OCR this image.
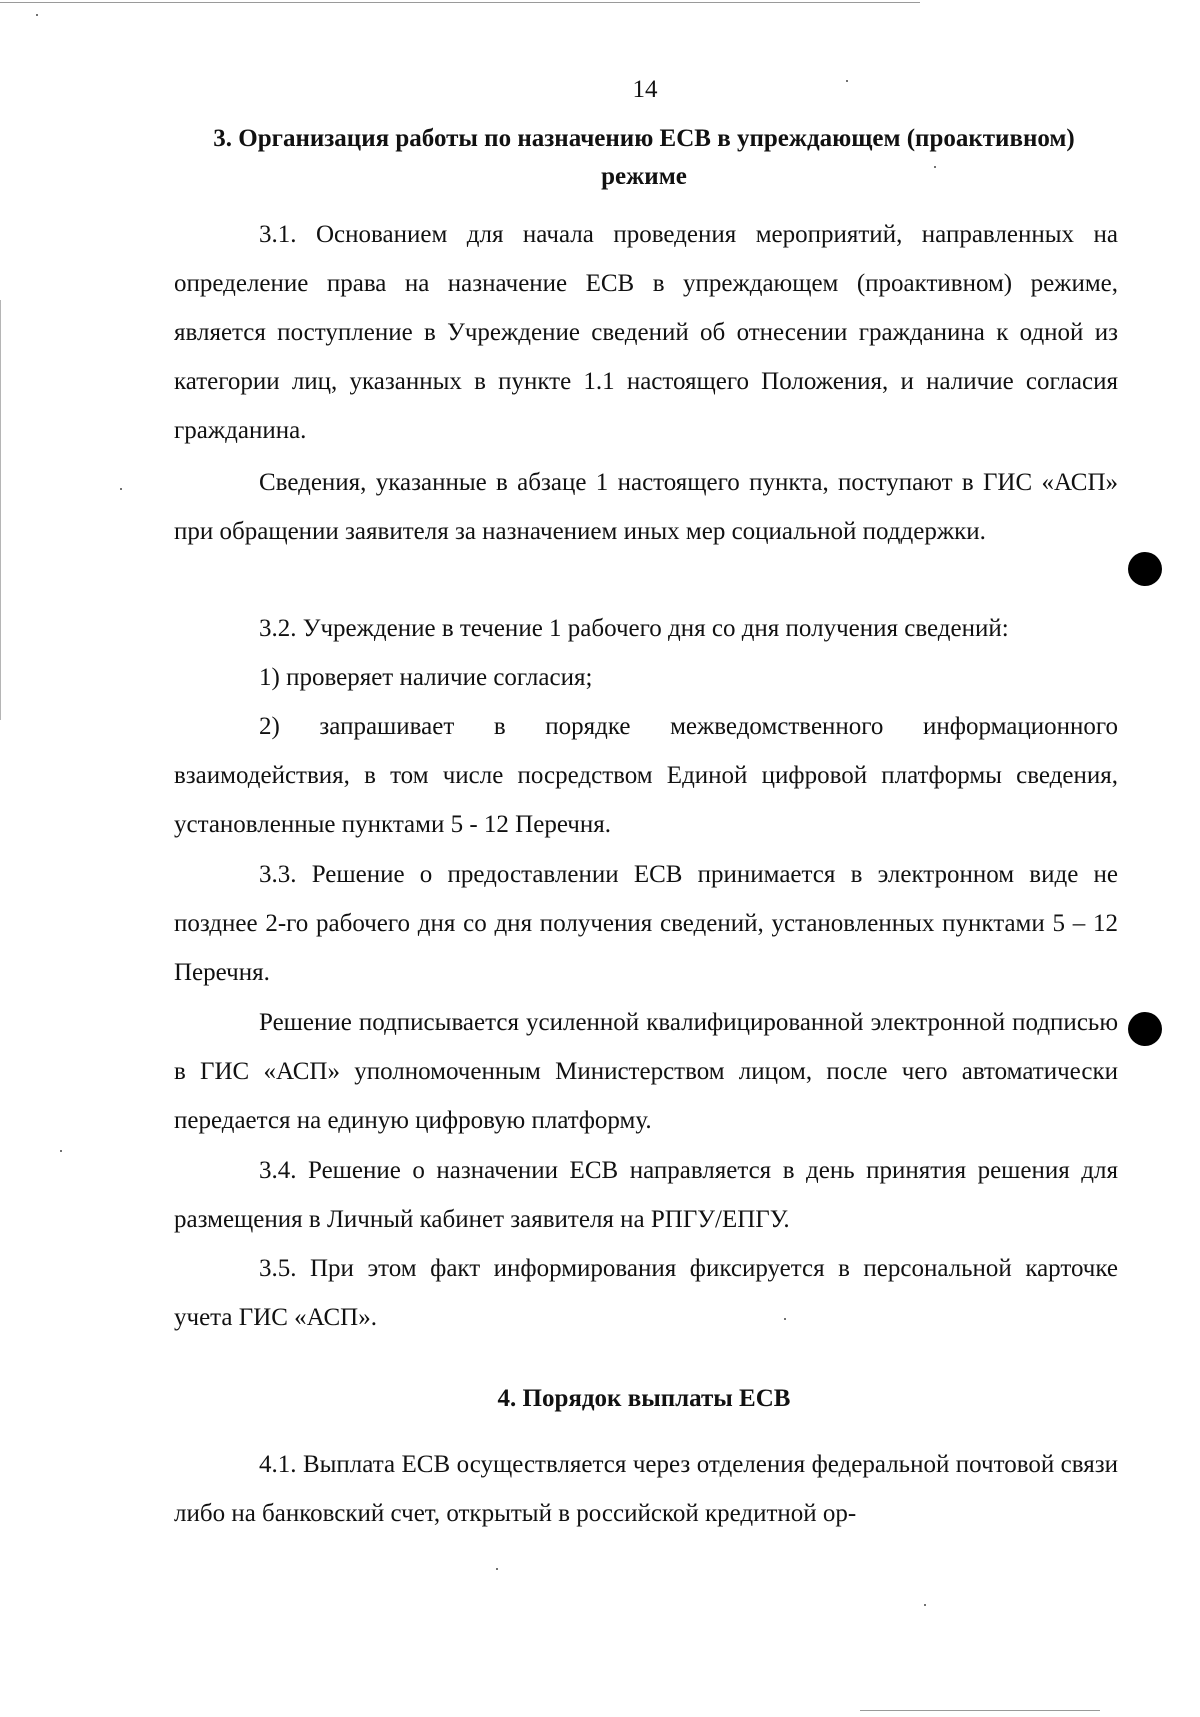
14
3. Организация работы по назначению ЕСВ в упреждающем (проактивном) режиме

3.1. Основанием для начала проведения мероприятий, направленных на определение права на назначение ЕСВ в упреждающем (проактивном) режиме, является поступление в Учреждение сведений об отнесении гражданина к одной из категории лиц, указанных в пункте 1.1 настоящего Положения, и наличие согласия гражданина.

Сведения, указанные в абзаце 1 настоящего пункта, поступают в ГИС «АСП» при обращении заявителя за назначением иных мер социальной поддержки.

3.2. Учреждение в течение 1 рабочего дня со дня получения сведений:

1) проверяет наличие согласия;

2) запрашивает в порядке межведомственного информационного взаимодействия, в том числе посредством Единой цифровой платформы сведения, установленные пунктами 5 - 12 Перечня.

3.3. Решение о предоставлении ЕСВ принимается в электронном виде не позднее 2-го рабочего дня со дня получения сведений, установленных пунктами 5 – 12 Перечня.

Решение подписывается усиленной квалифицированной электронной подписью в ГИС «АСП» уполномоченным Министерством лицом, после чего автоматически передается на единую цифровую платформу.

3.4. Решение о назначении ЕСВ направляется в день принятия решения для размещения в Личный кабинет заявителя на РПГУ/ЕПГУ.

3.5. При этом факт информирования фиксируется в персональной карточке учета ГИС «АСП».

4. Порядок выплаты ЕСВ

4.1. Выплата ЕСВ осуществляется через отделения федеральной почтовой связи либо на банковский счет, открытый в российской кредитной ор-
